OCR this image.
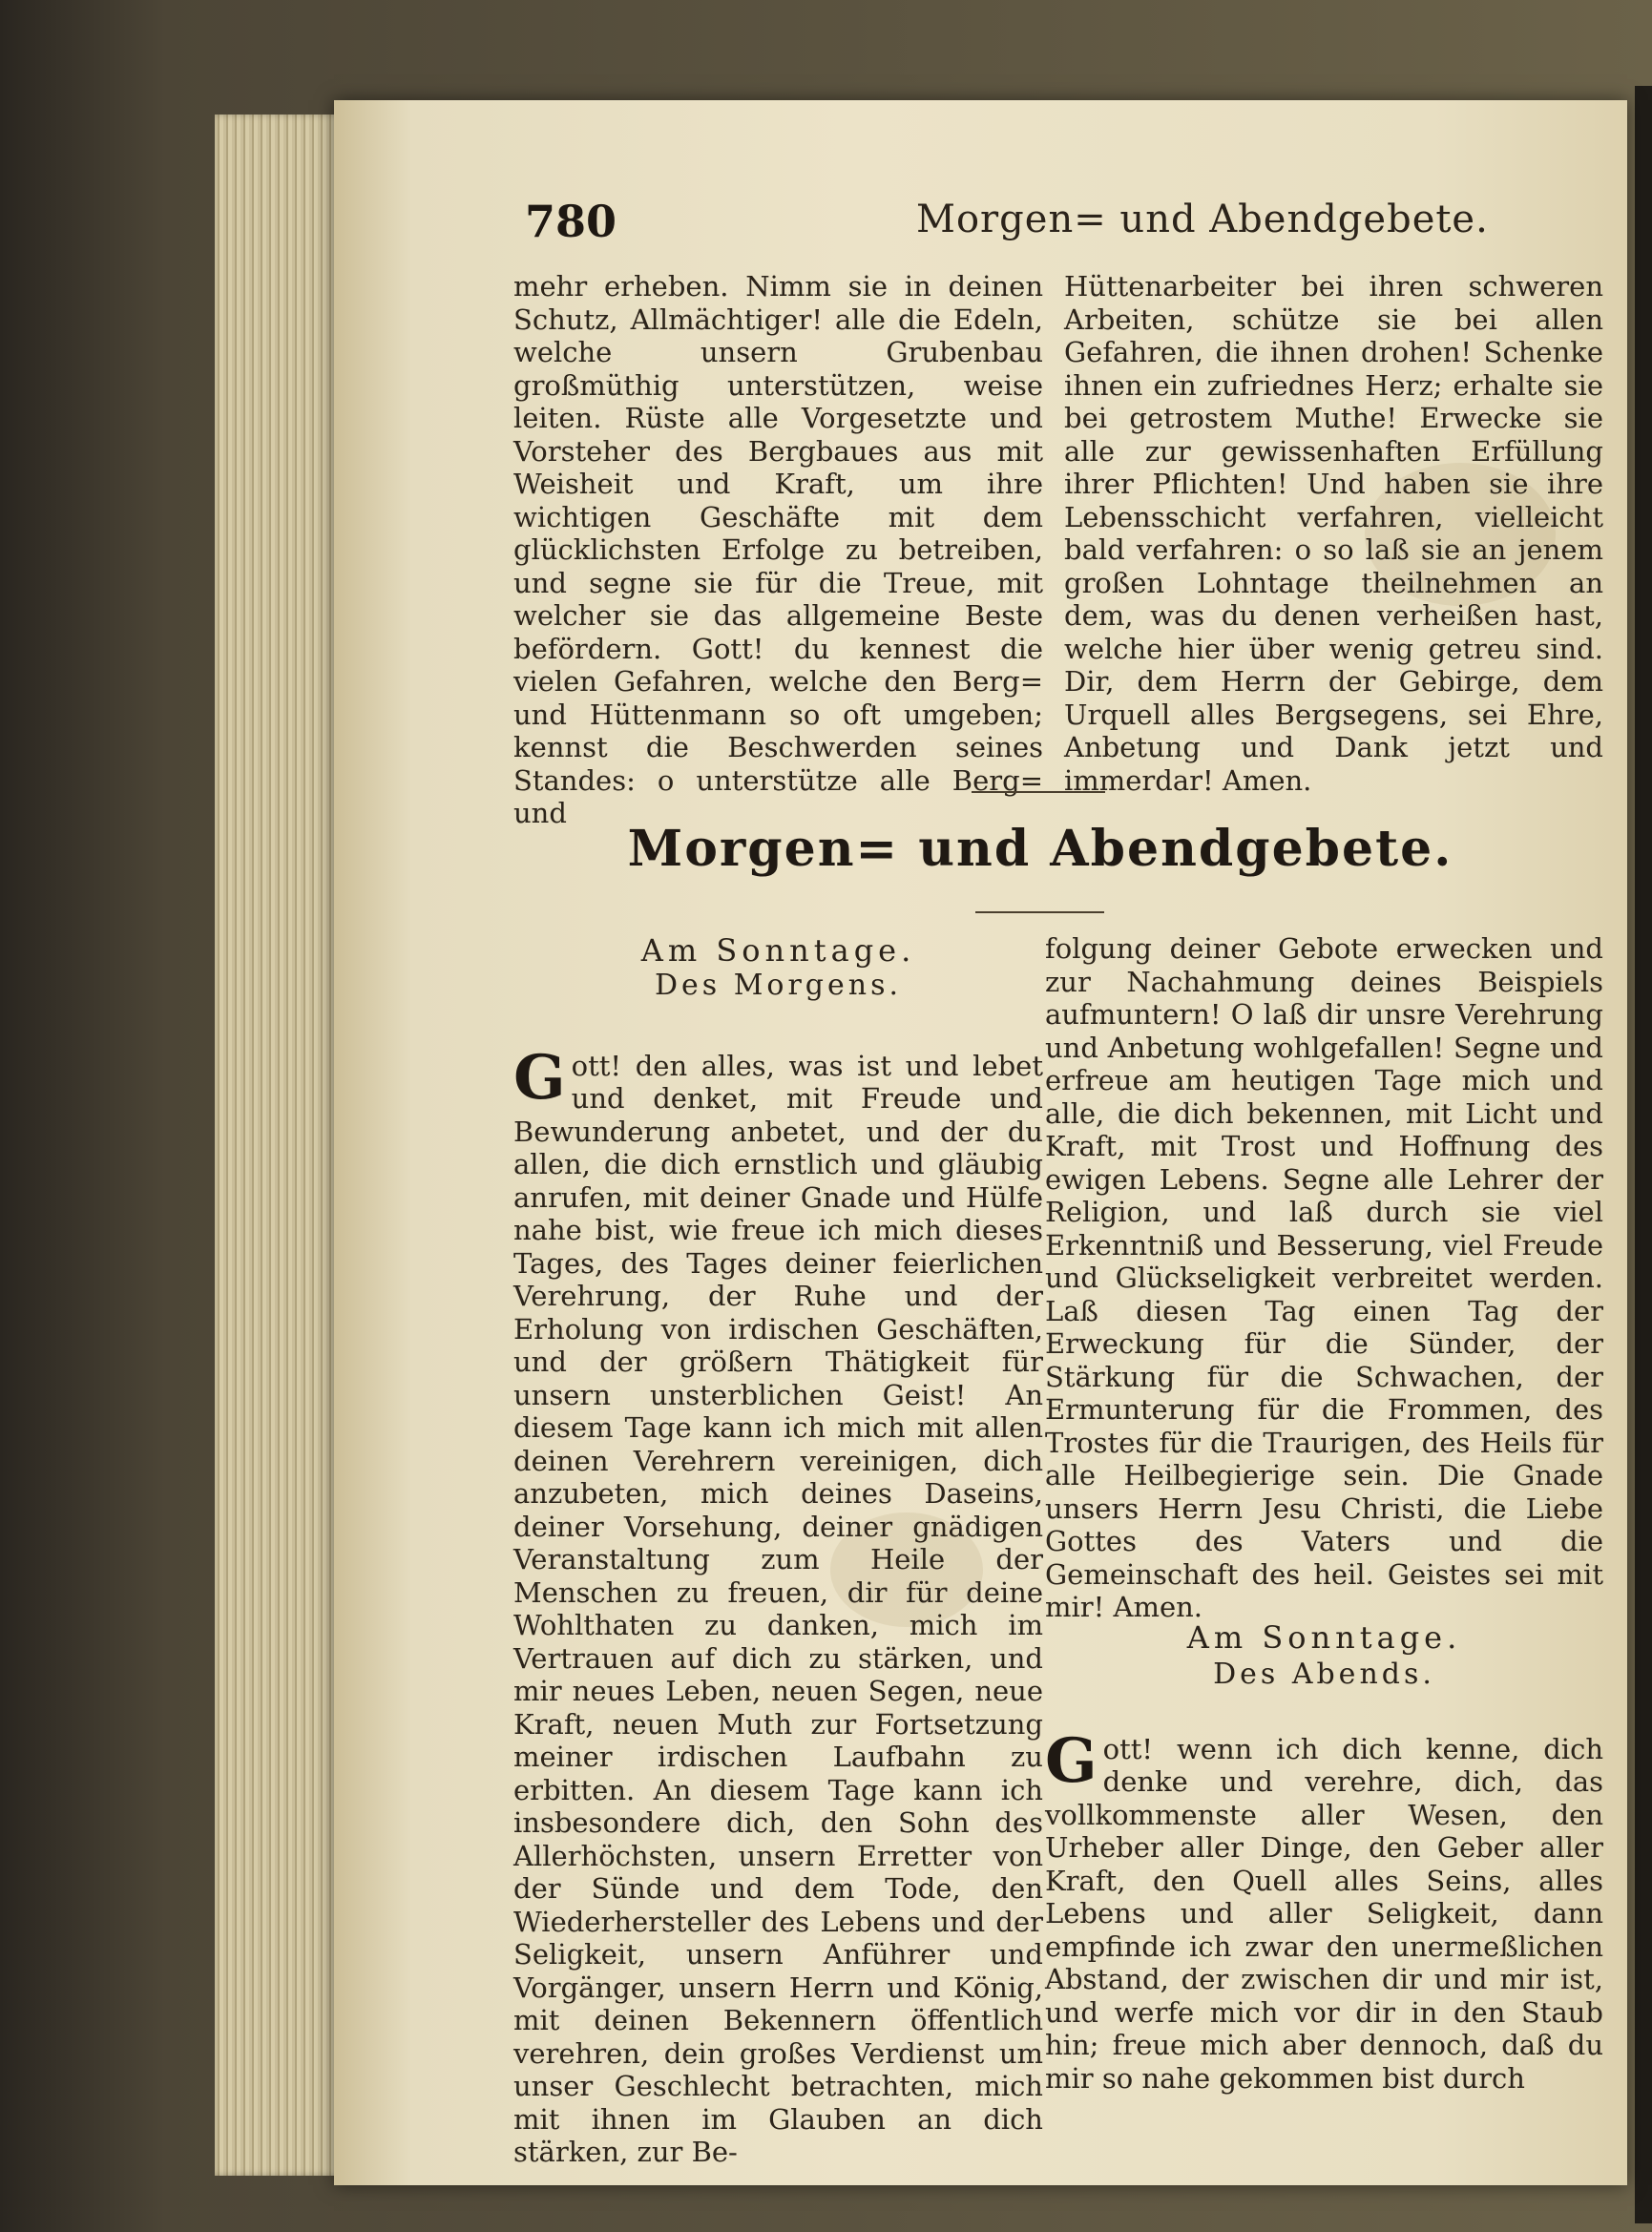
780	Morgen= und Abendgebete.
mehr erheben. Nimm sie in deinen Schutz, Allmächtiger! alle die Edeln, welche unsern Grubenbau großmüthig unterstützen, weise leiten. Rüste alle Vorgesetzte und Vorsteher des Bergbaues aus mit Weisheit und Kraft, um ihre wichtigen Geschäfte mit dem glücklichsten Erfolge zu betreiben, und segne sie für die Treue, mit welcher sie das allgemeine Beste befördern. Gott! du kennest die vielen Gefahren, welche den Berg= und Hüttenmann so oft umgeben; kennst die Beschwerden seines Standes: o unterstütze alle Berg= und
Hüttenarbeiter bei ihren schweren Arbeiten, schütze sie bei allen Gefahren, die ihnen drohen! Schenke ihnen ein zufriednes Herz; erhalte sie bei getrostem Muthe! Erwecke sie alle zur gewissenhaften Erfüllung ihrer Pflichten! Und haben sie ihre Lebensschicht verfahren, vielleicht bald verfahren: o so laß sie an jenem großen Lohntage theilnehmen an dem, was du denen verheißen hast, welche hier über wenig getreu sind. Dir, dem Herrn der Gebirge, dem Urquell alles Bergsegens, sei Ehre, Anbetung und Dank jetzt und immerdar! Amen.
Morgen= und Abendgebete.
Am Sonntage.
Des Morgens.

Gott! den alles, was ist und lebet und denket, mit Freude und Bewunderung anbetet, und der du allen, die dich ernstlich und gläubig anrufen, mit deiner Gnade und Hülfe nahe bist, wie freue ich mich dieses Tages, des Tages deiner feierlichen Verehrung, der Ruhe und der Erholung von irdischen Geschäften, und der größern Thätigkeit für unsern unsterblichen Geist! An diesem Tage kann ich mich mit allen deinen Verehrern vereinigen, dich anzubeten, mich deines Daseins, deiner Vorsehung, deiner gnädigen Veranstaltung zum Heile der Menschen zu freuen, dir für deine Wohlthaten zu danken, mich im Vertrauen auf dich zu stärken, und mir neues Leben, neuen Segen, neue Kraft, neuen Muth zur Fortsetzung meiner irdischen Laufbahn zu erbitten. An diesem Tage kann ich insbesondere dich, den Sohn des Allerhöchsten, unsern Erretter von der Sünde und dem Tode, den Wiederhersteller des Lebens und der Seligkeit, unsern Anführer und Vorgänger, unsern Herrn und König, mit deinen Bekennern öffentlich verehren, dein großes Verdienst um unser Geschlecht betrachten, mich mit ihnen im Glauben an dich stärken, zur Be-

folgung deiner Gebote erwecken und zur Nachahmung deines Beispiels aufmuntern! O laß dir unsre Verehrung und Anbetung wohlgefallen! Segne und erfreue am heutigen Tage mich und alle, die dich bekennen, mit Licht und Kraft, mit Trost und Hoffnung des ewigen Lebens. Segne alle Lehrer der Religion, und laß durch sie viel Erkenntniß und Besserung, viel Freude und Glückseligkeit verbreitet werden. Laß diesen Tag einen Tag der Erweckung für die Sünder, der Stärkung für die Schwachen, der Ermunterung für die Frommen, des Trostes für die Traurigen, des Heils für alle Heilbegierige sein. Die Gnade unsers Herrn Jesu Christi, die Liebe Gottes des Vaters und die Gemeinschaft des heil. Geistes sei mit mir! Amen.
Am Sonntage.
Des Abends.

Gott! wenn ich dich kenne, dich denke und verehre, dich, das vollkommenste aller Wesen, den Urheber aller Dinge, den Geber aller Kraft, den Quell alles Seins, alles Lebens und aller Seligkeit, dann empfinde ich zwar den unermeßlichen Abstand, der zwischen dir und mir ist, und werfe mich vor dir in den Staub hin; freue mich aber dennoch, daß du mir so nahe gekommen bist durch
